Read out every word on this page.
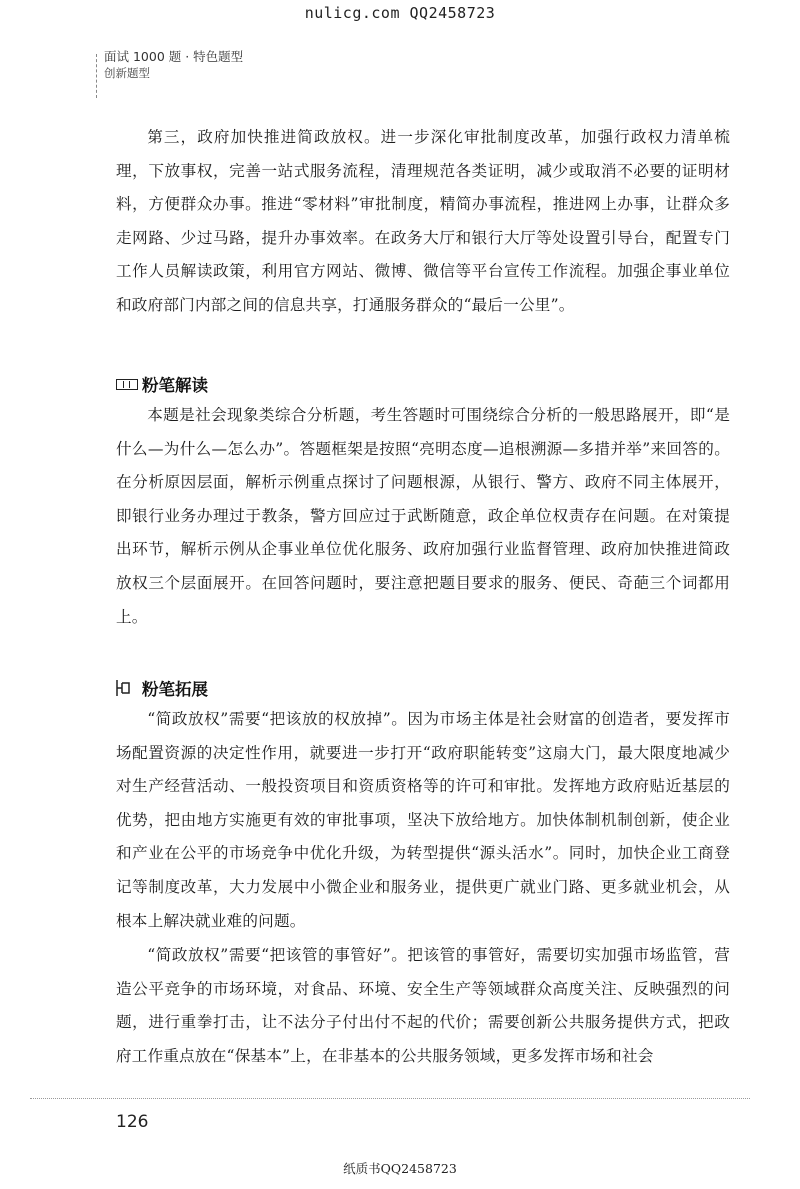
nulicg.com QQ2458723
面试 1000 题 · 特色题型
创新题型

第三，政府加快推进简政放权。进一步深化审批制度改革，加强行政权力清单梳理，下放事权，完善一站式服务流程，清理规范各类证明，减少或取消不必要的证明材料，方便群众办事。推进“零材料”审批制度，精简办事流程，推进网上办事，让群众多走网路、少过马路，提升办事效率。在政务大厅和银行大厅等处设置引导台，配置专门工作人员解读政策，利用官方网站、微博、微信等平台宣传工作流程。加强企事业单位和政府部门内部之间的信息共享，打通服务群众的“最后一公里”。

粉笔解读

本题是社会现象类综合分析题，考生答题时可围绕综合分析的一般思路展开，即“是什么—为什么—怎么办”。答题框架是按照“亮明态度—追根溯源—多措并举”来回答的。在分析原因层面，解析示例重点探讨了问题根源，从银行、警方、政府不同主体展开，即银行业务办理过于教条，警方回应过于武断随意，政企单位权责存在问题。在对策提出环节，解析示例从企事业单位优化服务、政府加强行业监督管理、政府加快推进简政放权三个层面展开。在回答问题时，要注意把题目要求的服务、便民、奇葩三个词都用上。

粉笔拓展

“简政放权”需要“把该放的权放掉”。因为市场主体是社会财富的创造者，要发挥市场配置资源的决定性作用，就要进一步打开“政府职能转变”这扇大门，最大限度地减少对生产经营活动、一般投资项目和资质资格等的许可和审批。发挥地方政府贴近基层的优势，把由地方实施更有效的审批事项，坚决下放给地方。加快体制机制创新，使企业和产业在公平的市场竞争中优化升级，为转型提供“源头活水”。同时，加快企业工商登记等制度改革，大力发展中小微企业和服务业，提供更广就业门路、更多就业机会，从根本上解决就业难的问题。

“简政放权”需要“把该管的事管好”。把该管的事管好，需要切实加强市场监管，营造公平竞争的市场环境，对食品、环境、安全生产等领域群众高度关注、反映强烈的问题，进行重拳打击，让不法分子付出付不起的代价；需要创新公共服务提供方式，把政府工作重点放在“保基本”上，在非基本的公共服务领域，更多发挥市场和社会

126
纸质书QQ2458723
